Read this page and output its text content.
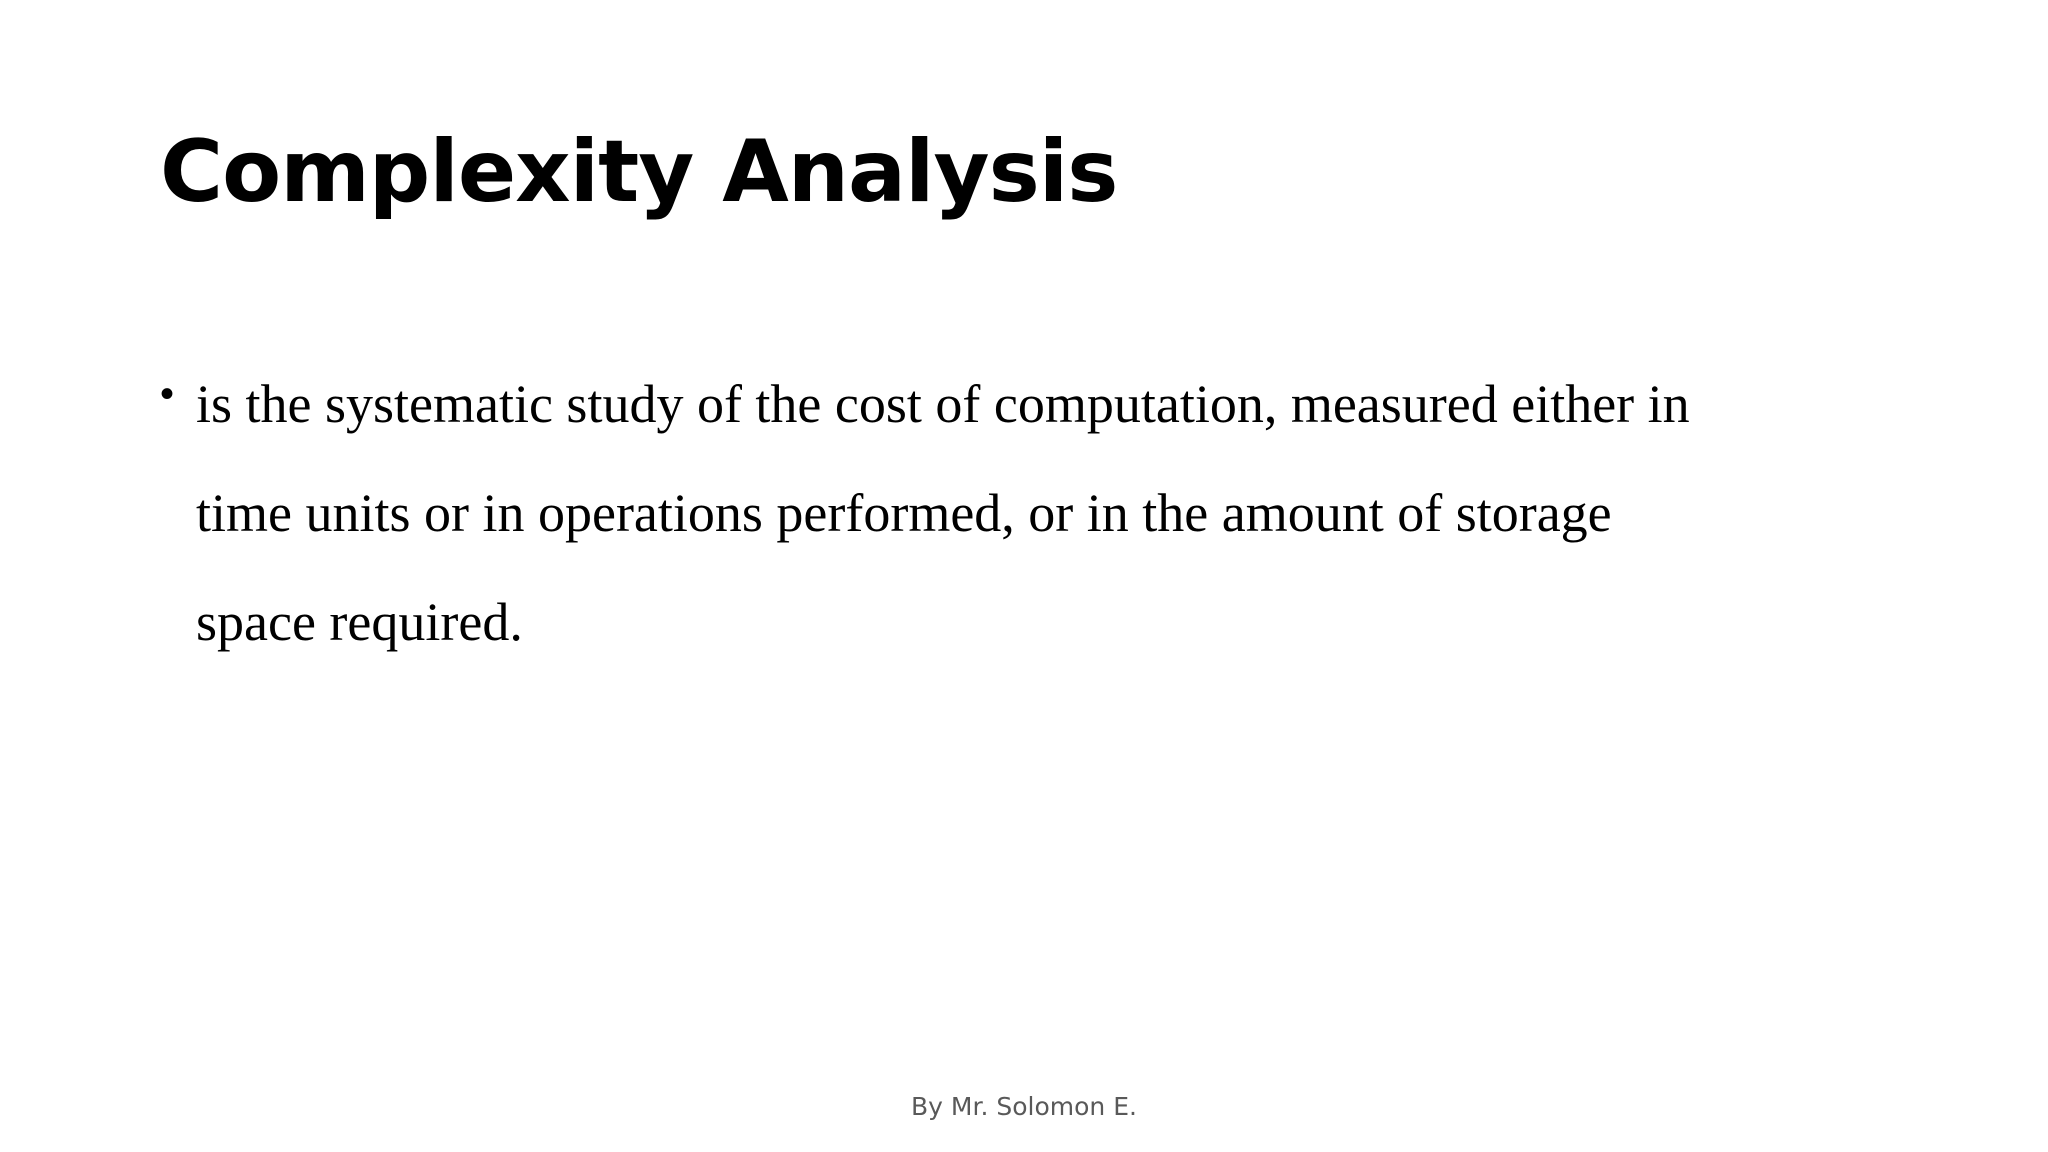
Complexity Analysis
• is the systematic study of the cost of computation, measured either in time units or in operations performed, or in the amount of storage space required.
By Mr. Solomon E.
